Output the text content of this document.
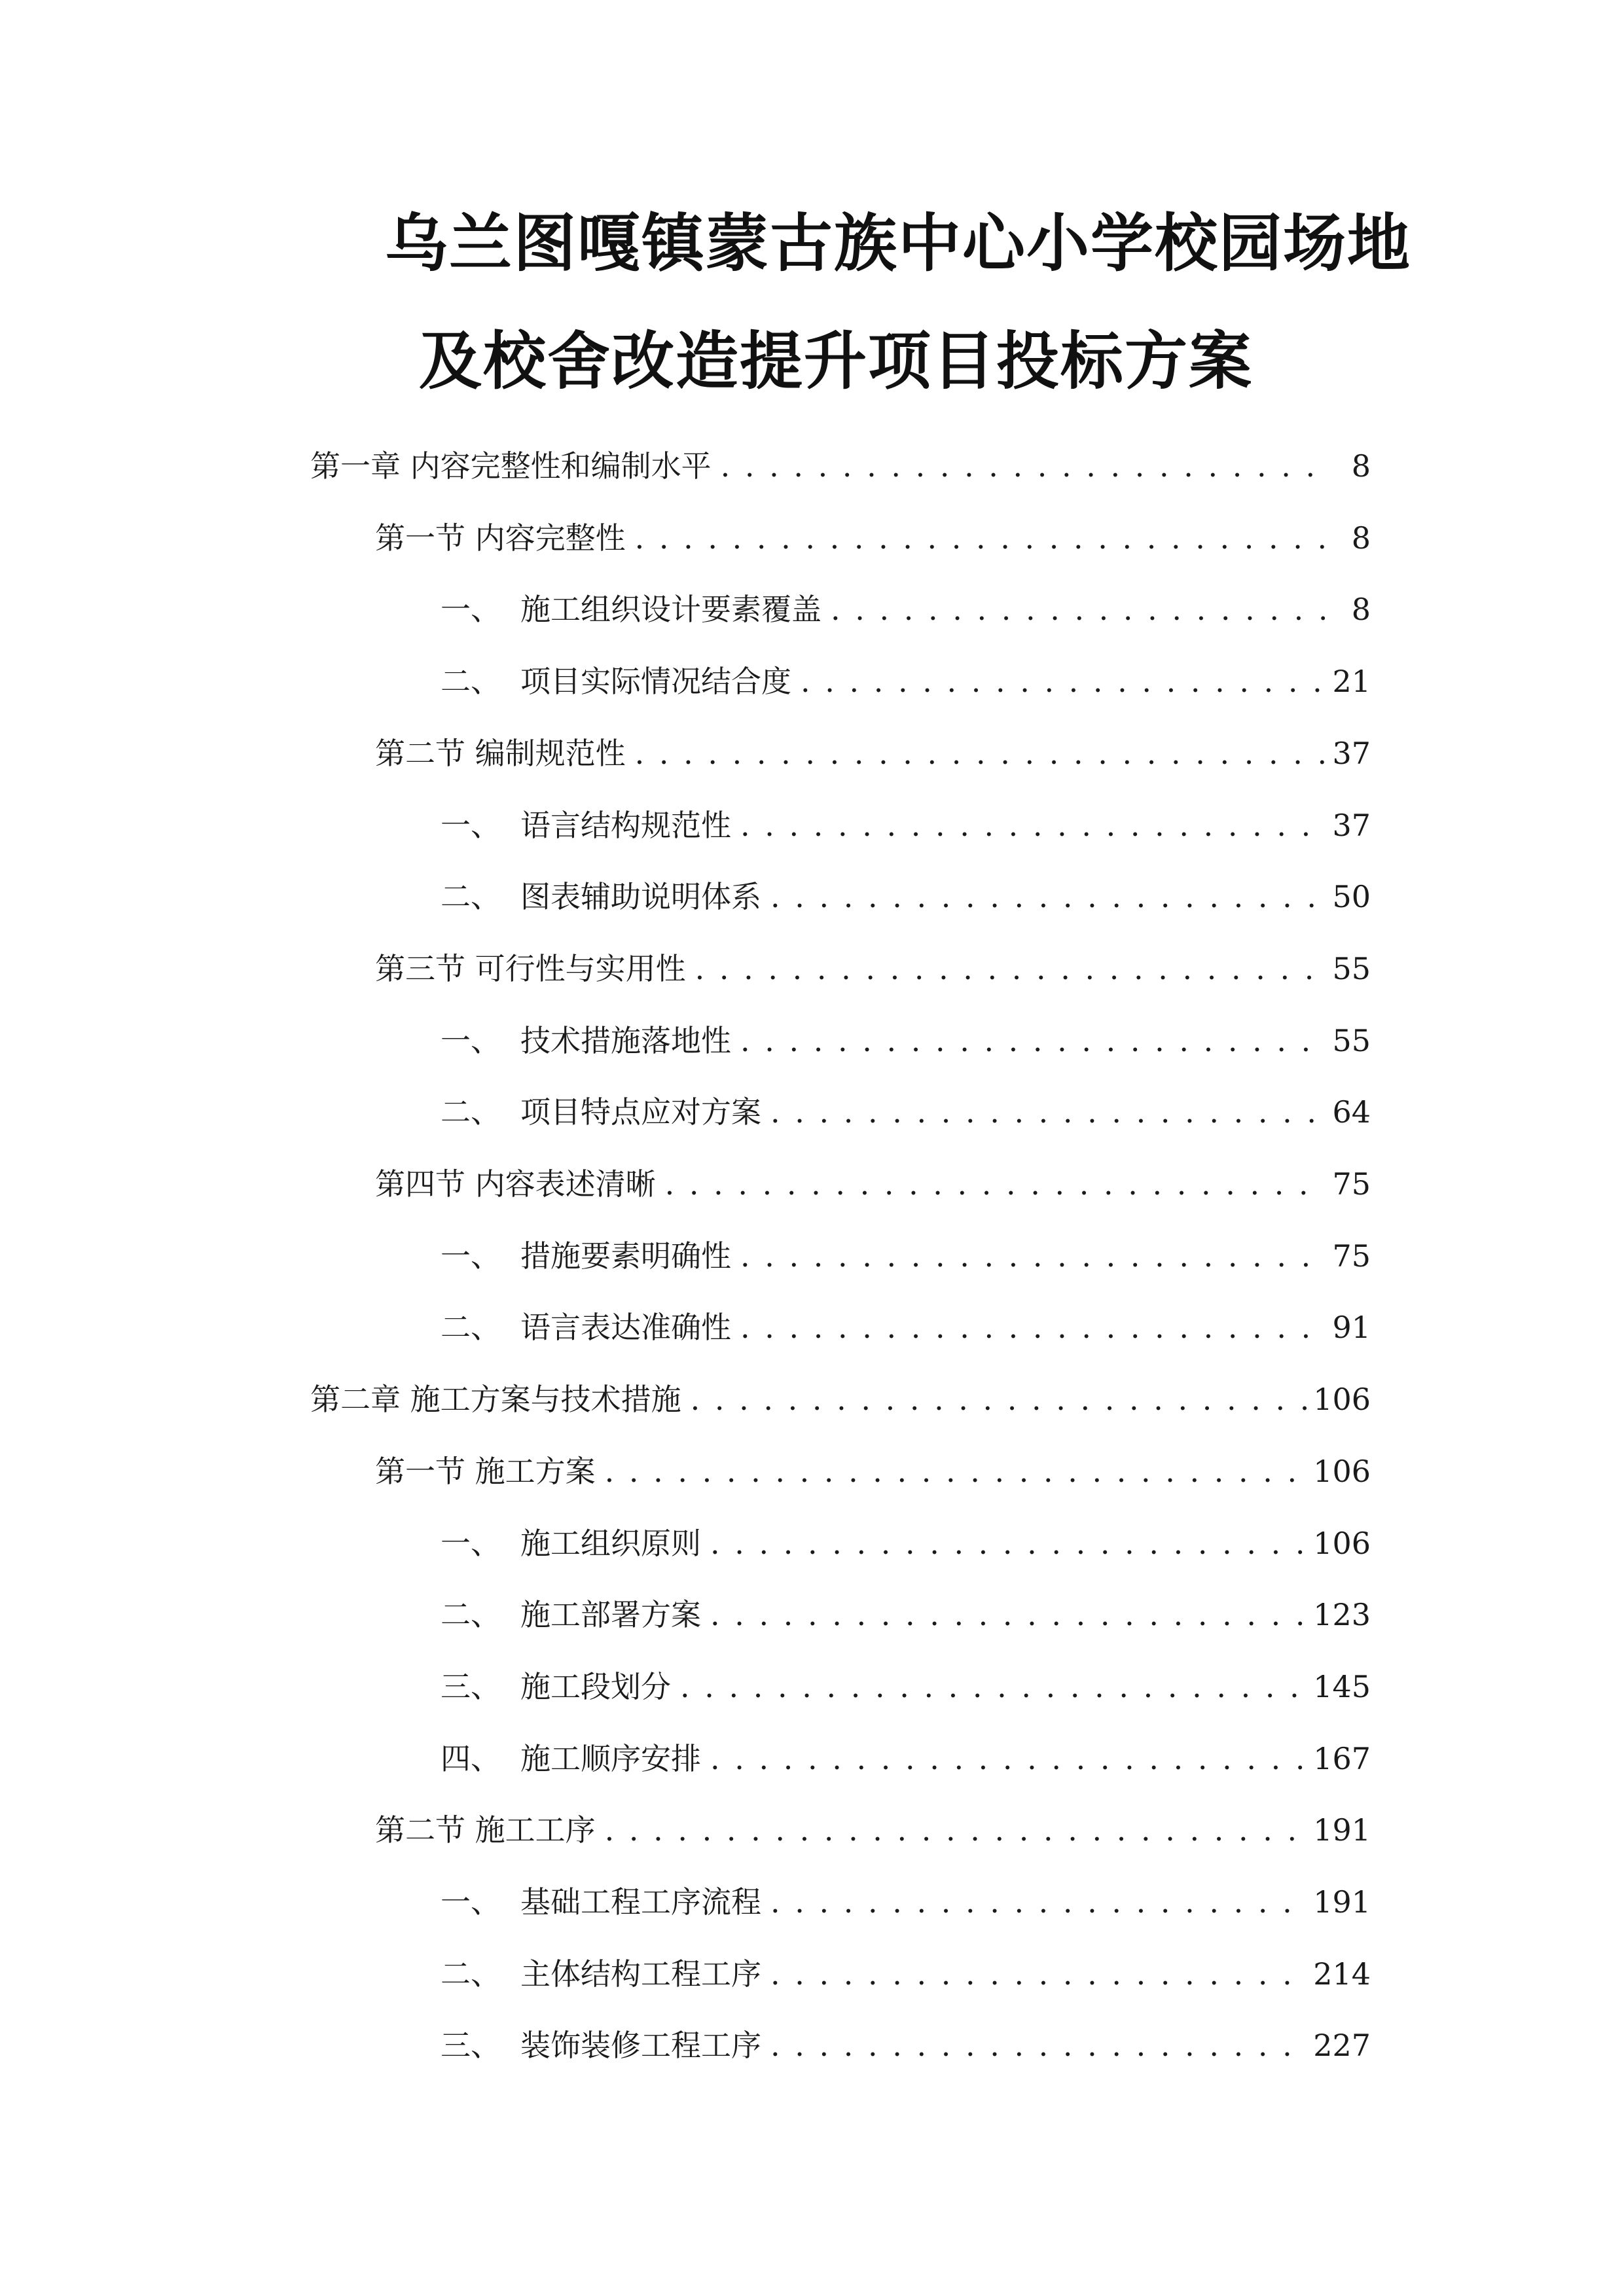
乌兰图嘎镇蒙古族中心小学校园场地
及校舍改造提升项目投标方案
第一章 内容完整性和编制水平 . . .	8
第一节 内容完整性 . . .	8
一、 施工组织设计要素覆盖 . . .	8
二、 项目实际情况结合度 . . .	21
第二节 编制规范性 . . .	37
一、 语言结构规范性 . . .	37
二、 图表辅助说明体系 . . .	50
第三节 可行性与实用性 . . .	55
一、 技术措施落地性 . . .	55
二、 项目特点应对方案 . . .	64
第四节 内容表述清晰 . . .	75
一、 措施要素明确性 . . .	75
二、 语言表达准确性 . . .	91
第二章 施工方案与技术措施 . . .	106
第一节 施工方案 . . .	106
一、 施工组织原则 . . .	106
二、 施工部署方案 . . .	123
三、 施工段划分 . . .	145
四、 施工顺序安排 . . .	167
第二节 施工工序 . . .	191
一、 基础工程工序流程 . . .	191
二、 主体结构工程工序 . . .	214
三、 装饰装修工程工序 . . .	227
